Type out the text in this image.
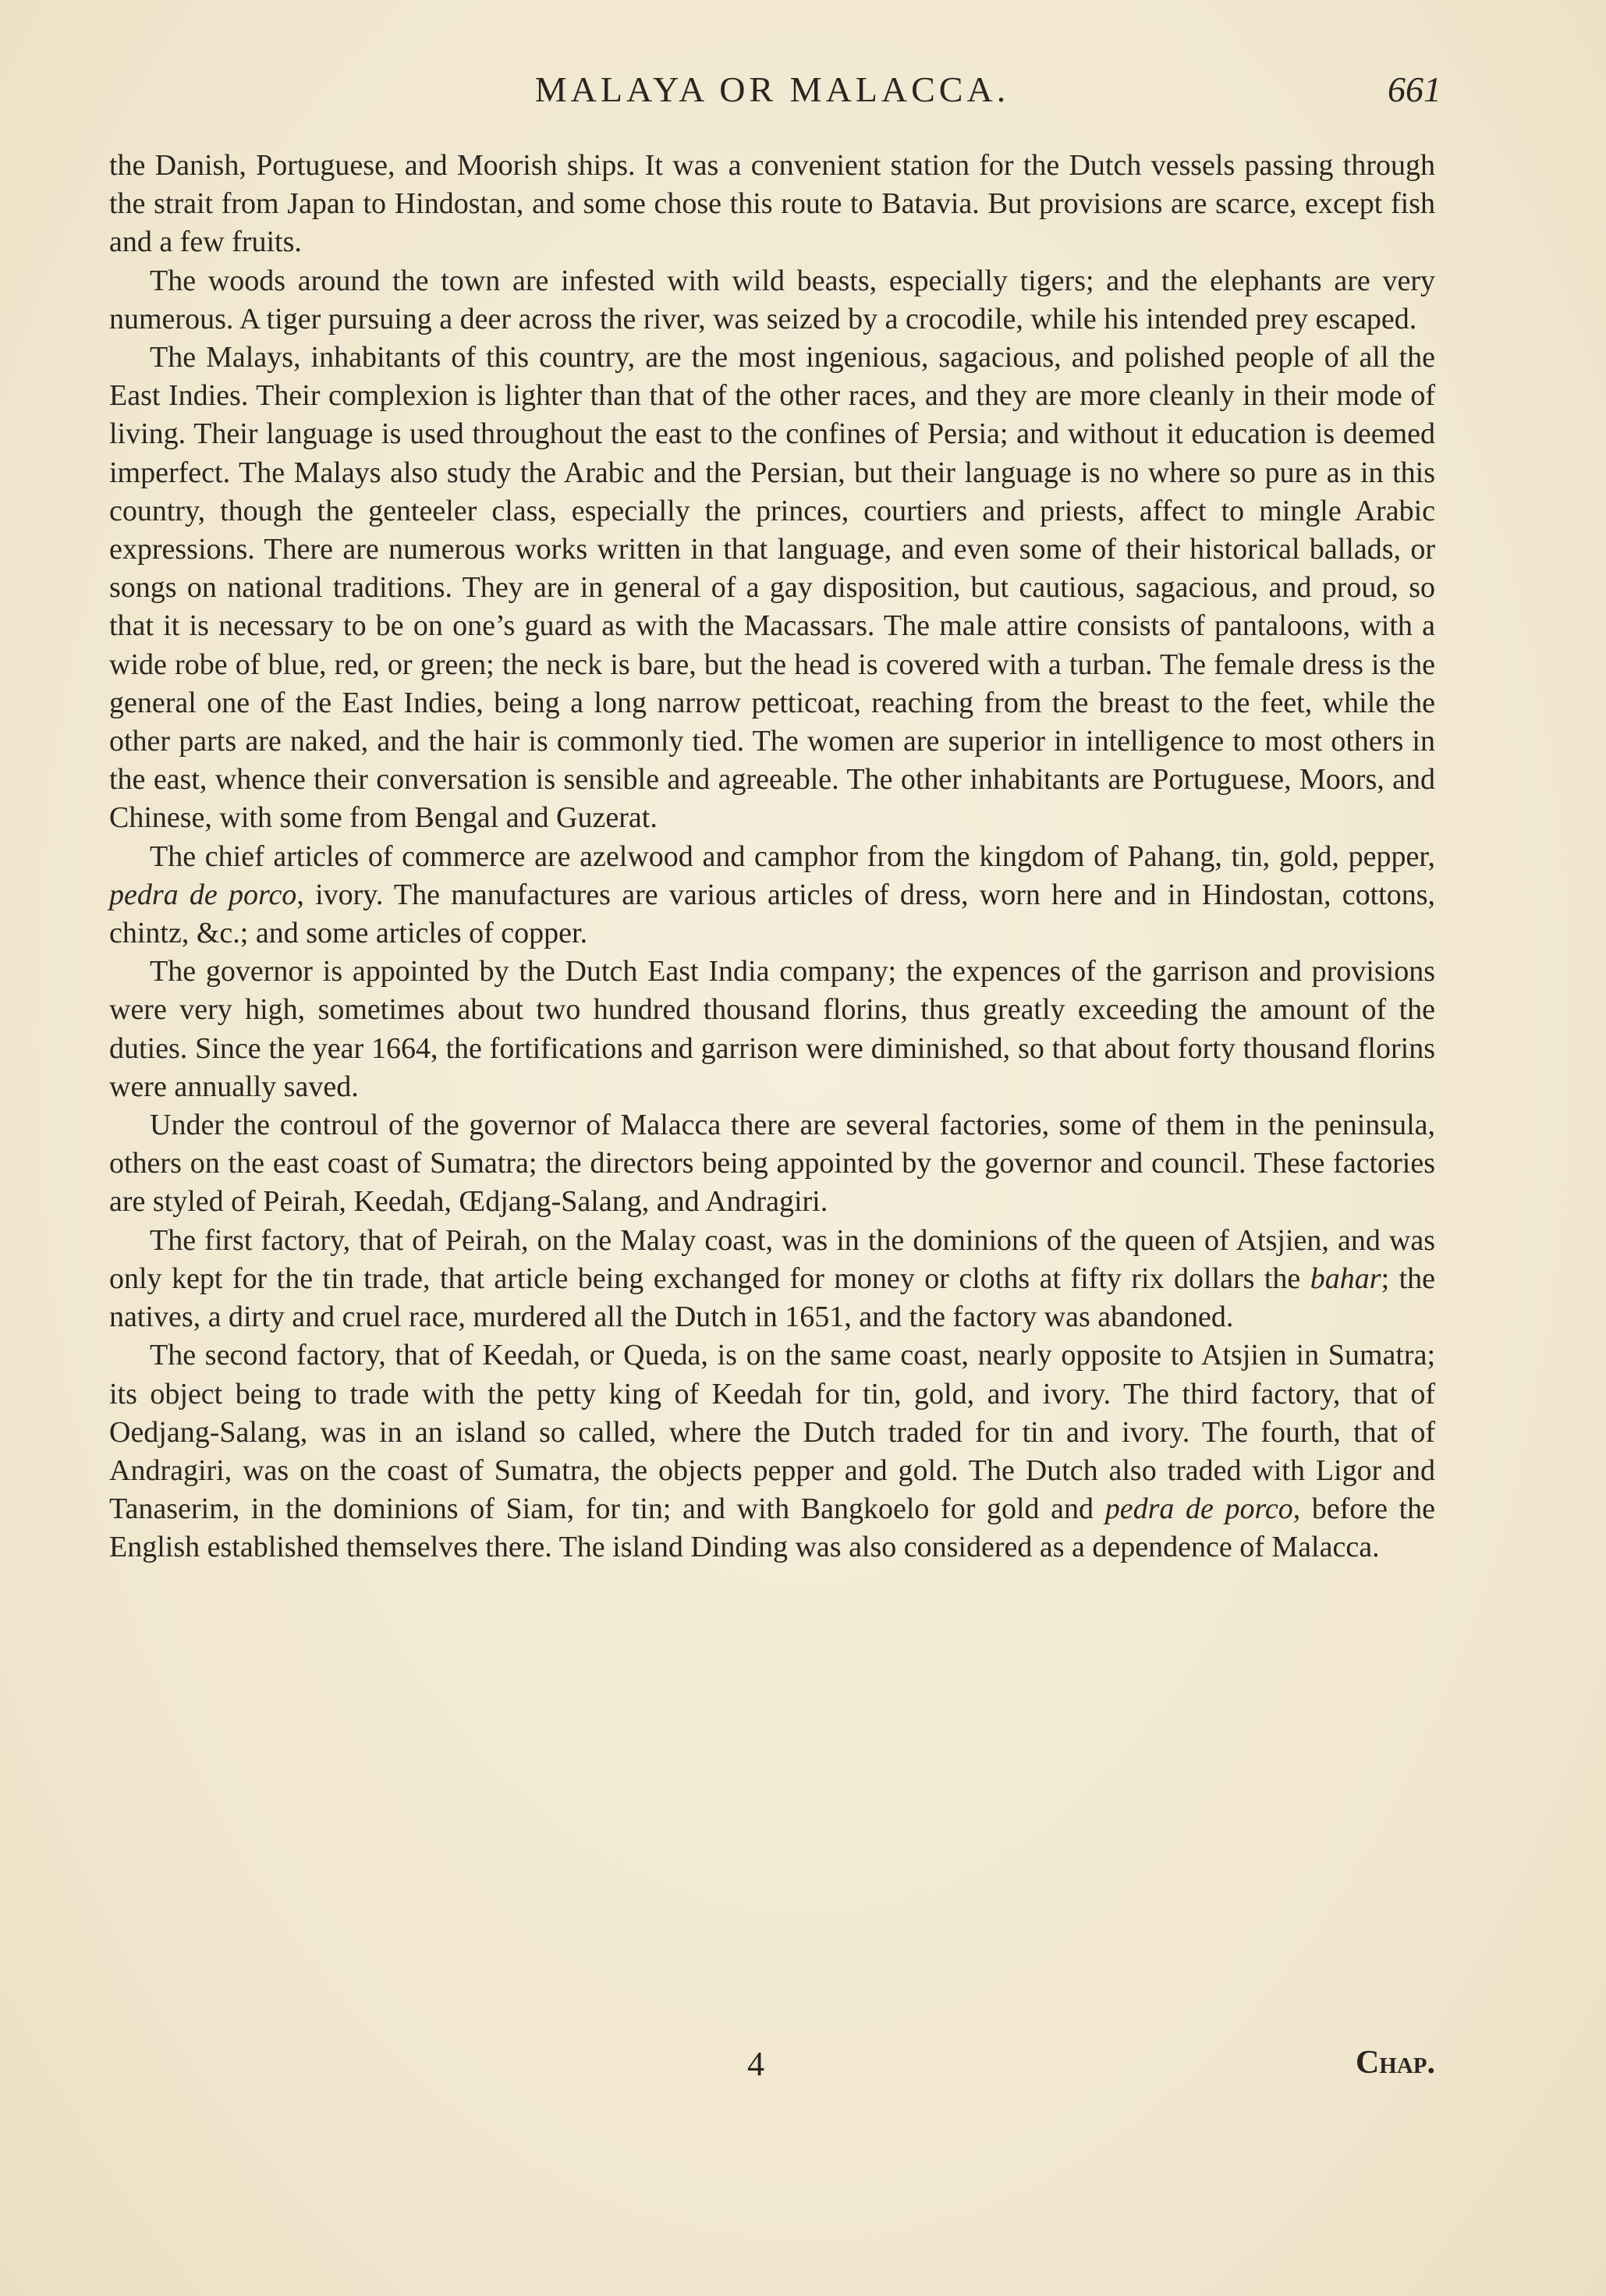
MALAYA OR MALACCA.	661

the Danish, Portuguese, and Moorish ships. It was a convenient station for the Dutch vessels passing through the strait from Japan to Hindostan, and some chose this route to Batavia. But provisions are scarce, except fish and a few fruits.

The woods around the town are infested with wild beasts, especially tigers; and the elephants are very numerous. A tiger pursuing a deer across the river, was seized by a crocodile, while his intended prey escaped.

The Malays, inhabitants of this country, are the most ingenious, sagacious, and polished people of all the East Indies. Their complexion is lighter than that of the other races, and they are more cleanly in their mode of living. Their language is used throughout the east to the confines of Persia; and without it education is deemed imperfect. The Malays also study the Arabic and the Persian, but their language is no where so pure as in this country, though the genteeler class, especially the princes, courtiers and priests, affect to mingle Arabic expressions. There are numerous works written in that language, and even some of their historical ballads, or songs on national traditions. They are in general of a gay disposition, but cautious, sagacious, and proud, so that it is necessary to be on one’s guard as with the Macassars. The male attire consists of pantaloons, with a wide robe of blue, red, or green; the neck is bare, but the head is covered with a turban. The female dress is the general one of the East Indies, being a long narrow petticoat, reaching from the breast to the feet, while the other parts are naked, and the hair is commonly tied. The women are superior in intelligence to most others in the east, whence their conversation is sensible and agreeable. The other inhabitants are Portuguese, Moors, and Chinese, with some from Bengal and Guzerat.

The chief articles of commerce are azelwood and camphor from the kingdom of Pahang, tin, gold, pepper, pedra de porco, ivory. The manufactures are various articles of dress, worn here and in Hindostan, cottons, chintz, &c.; and some articles of copper.

The governor is appointed by the Dutch East India company; the expences of the garrison and provisions were very high, sometimes about two hundred thousand florins, thus greatly exceeding the amount of the duties. Since the year 1664, the fortifications and garrison were diminished, so that about forty thousand florins were annually saved.

Under the controul of the governor of Malacca there are several factories, some of them in the peninsula, others on the east coast of Sumatra; the directors being appointed by the governor and council. These factories are styled of Peirah, Keedah, Œdjang-Salang, and Andragiri.

The first factory, that of Peirah, on the Malay coast, was in the dominions of the queen of Atsjien, and was only kept for the tin trade, that article being exchanged for money or cloths at fifty rix dollars the bahar; the natives, a dirty and cruel race, murdered all the Dutch in 1651, and the factory was abandoned.

The second factory, that of Keedah, or Queda, is on the same coast, nearly opposite to Atsjien in Sumatra; its object being to trade with the petty king of Keedah for tin, gold, and ivory. The third factory, that of Oedjang-Salang, was in an island so called, where the Dutch traded for tin and ivory. The fourth, that of Andragiri, was on the coast of Sumatra, the objects pepper and gold. The Dutch also traded with Ligor and Tanaserim, in the dominions of Siam, for tin; and with Bangkoelo for gold and pedra de porco, before the English established themselves there. The island Dinding was also considered as a dependence of Malacca.

4	Chap.
